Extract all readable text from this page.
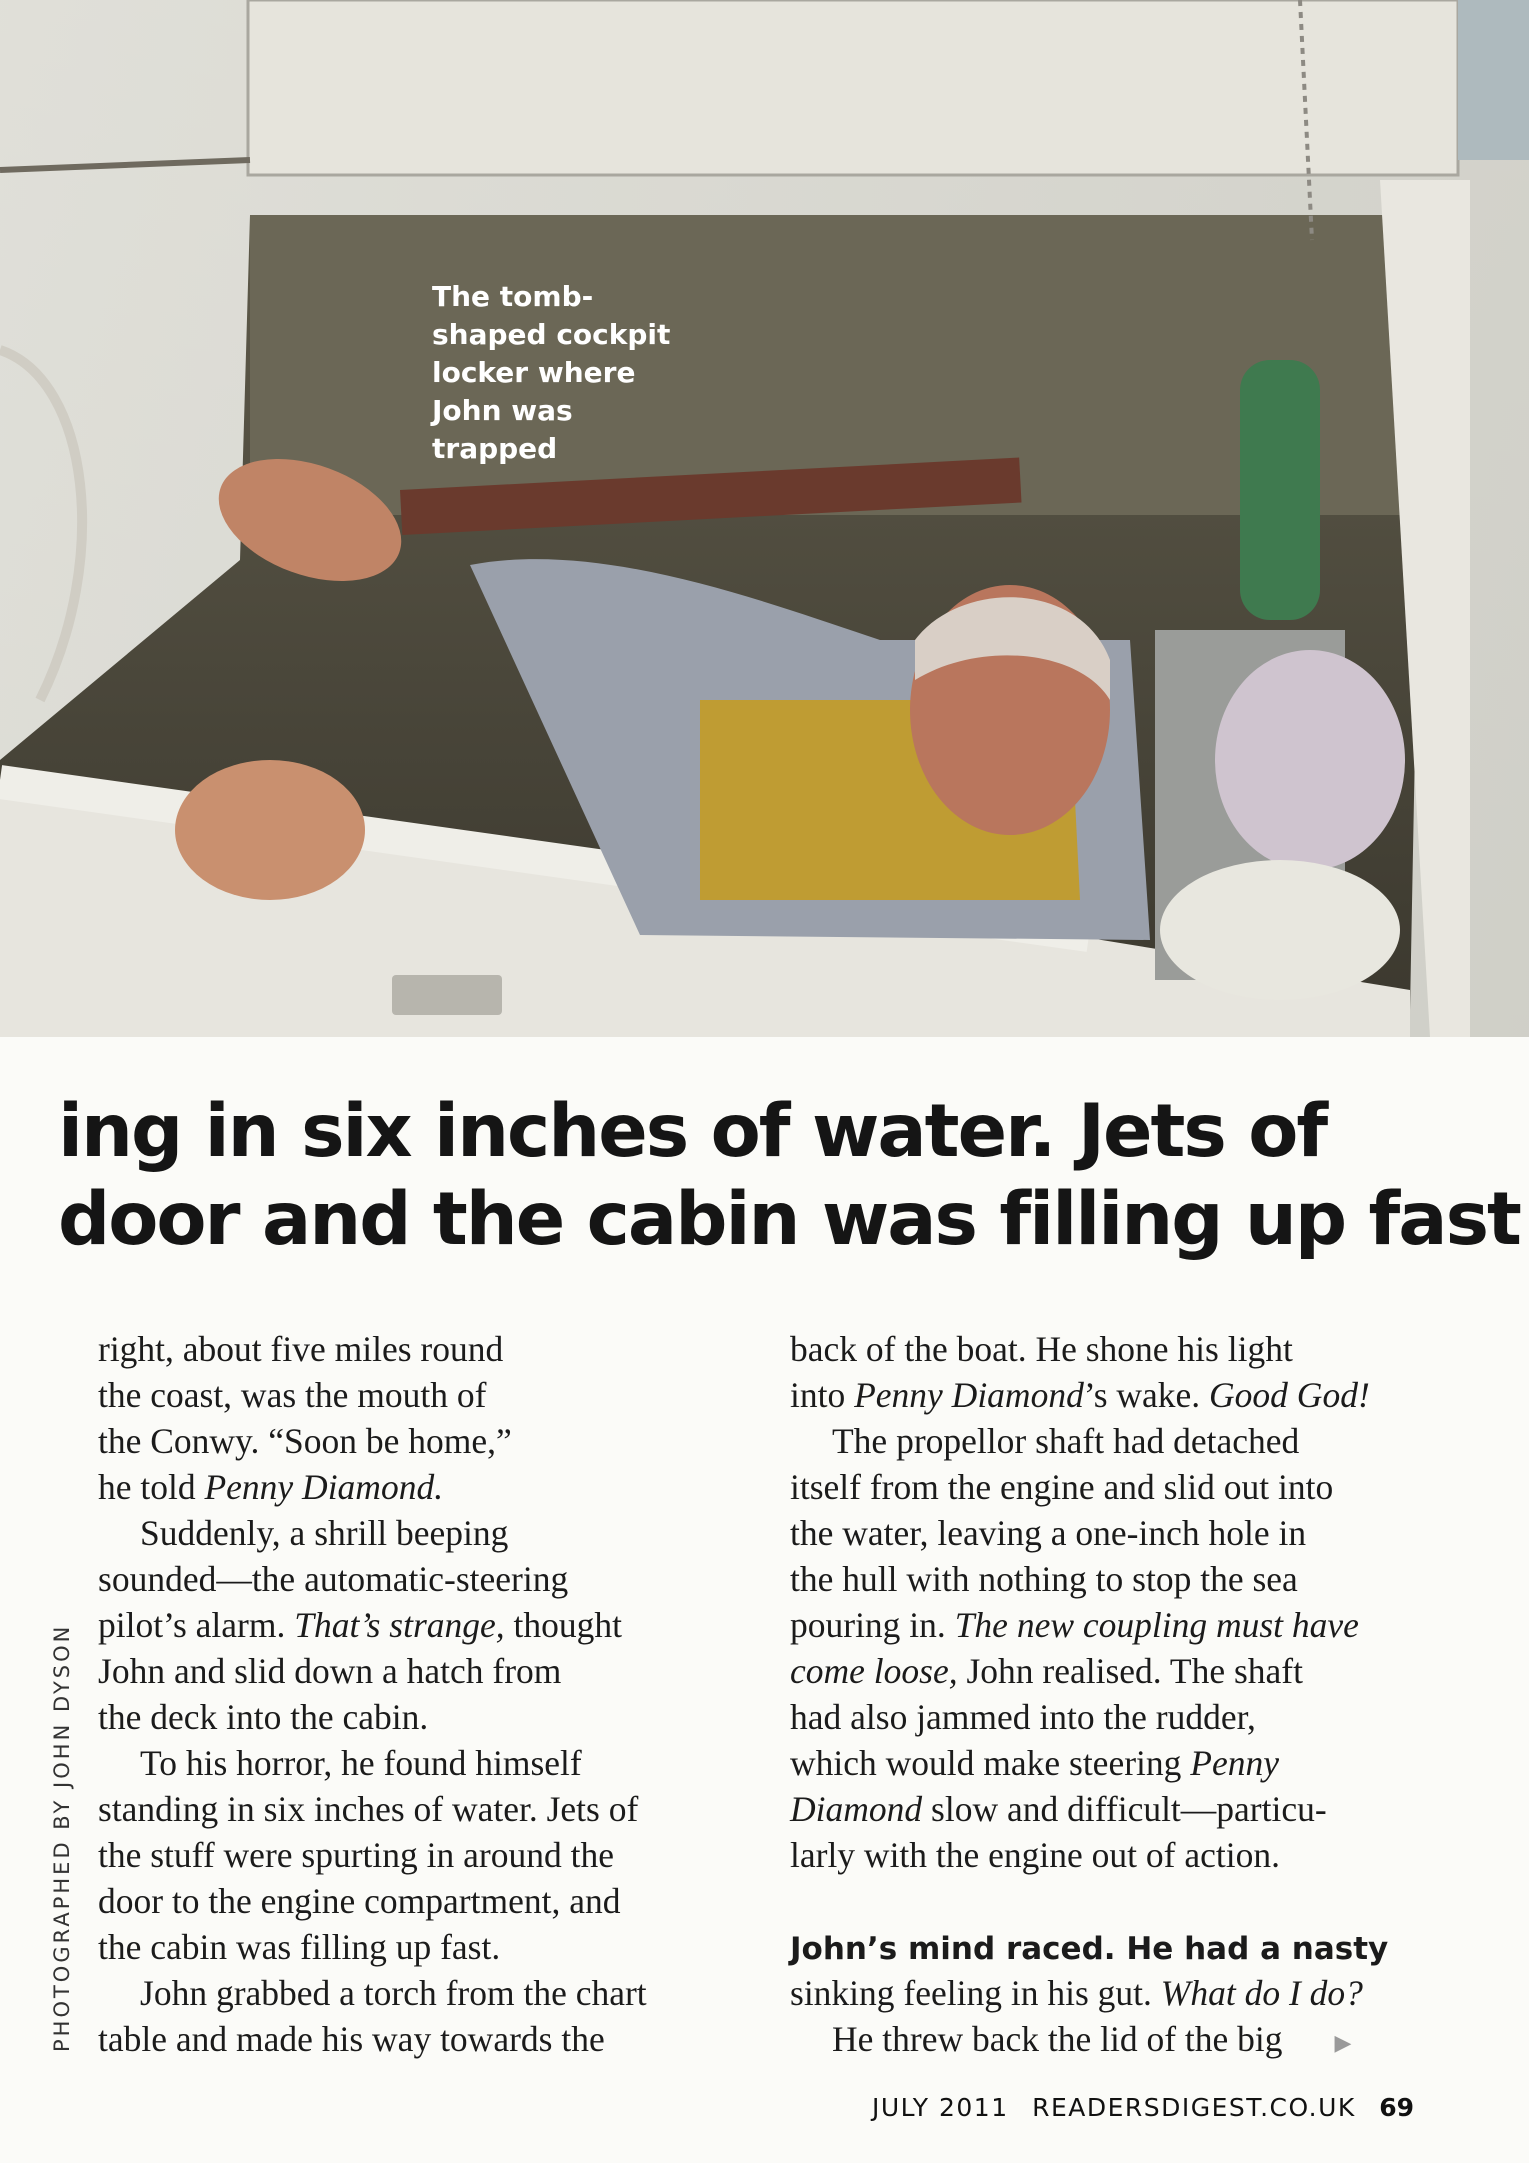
The tomb-
shaped cockpit
locker where
John was
trapped
ing in six inches of water. Jets of
door and the cabin was filling up fast
PHOTOGRAPHED BY JOHN DYSON
right, about five miles round
the coast, was the mouth of
the Conwy. “Soon be home,”
he told Penny Diamond.
Suddenly, a shrill beeping
sounded—the automatic-steering
pilot’s alarm. That’s strange, thought
John and slid down a hatch from
the deck into the cabin.
To his horror, he found himself
standing in six inches of water. Jets of
the stuff were spurting in around the
door to the engine compartment, and
the cabin was filling up fast.
John grabbed a torch from the chart
table and made his way towards the
back of the boat. He shone his light
into Penny Diamond’s wake. Good God!
The propellor shaft had detached
itself from the engine and slid out into
the water, leaving a one-inch hole in
the hull with nothing to stop the sea
pouring in. The new coupling must have
come loose, John realised. The shaft
had also jammed into the rudder,
which would make steering Penny
Diamond slow and difficult—particu-
larly with the engine out of action.
John’s mind raced. He had a nasty
sinking feeling in his gut. What do I do?
He threw back the lid of the big ▶
JULY 2011 READERSDIGEST.CO.UK 69
